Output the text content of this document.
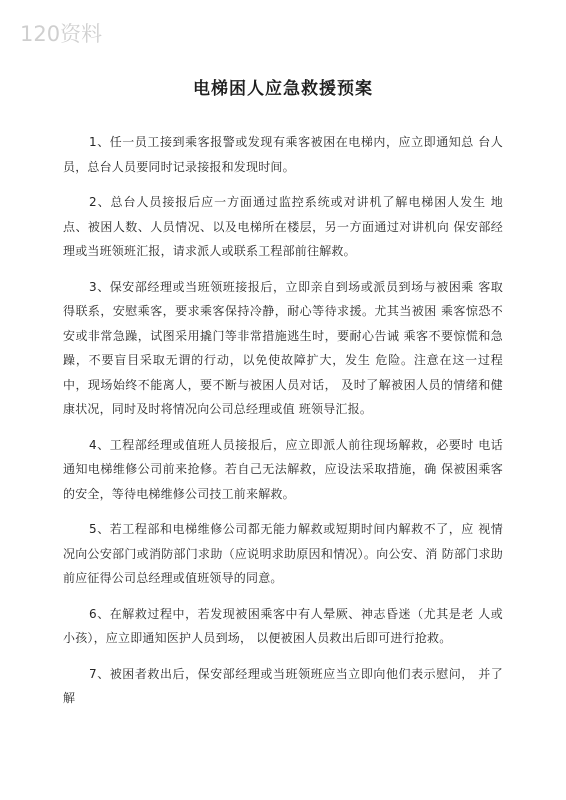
120资料
电梯困人应急救援预案

1、任一员工接到乘客报警或发现有乘客被困在电梯内，应立即通知总 台人员，总台人员要同时记录接报和发现时间。

2、总台人员接报后应一方面通过监控系统或对讲机了解电梯困人发生 地点、被困人数、人员情况、以及电梯所在楼层，另一方面通过对讲机向 保安部经理或当班领班汇报，请求派人或联系工程部前往解救。

3、保安部经理或当班领班接报后，立即亲自到场或派员到场与被困乘 客取得联系，安慰乘客，要求乘客保持冷静，耐心等待求援。尤其当被困 乘客惊恐不安或非常急躁，试图采用撬门等非常措施逃生时，要耐心告诫 乘客不要惊慌和急躁，不要盲目采取无谓的行动，以免使故障扩大，发生 危险。注意在这一过程中，现场始终不能离人，要不断与被困人员对话， 及时了解被困人员的情绪和健康状况，同时及时将情况向公司总经理或值 班领导汇报。

4、工程部经理或值班人员接报后，应立即派人前往现场解救，必要时 电话通知电梯维修公司前来抢修。若自己无法解救，应设法采取措施，确 保被困乘客的安全，等待电梯维修公司技工前来解救。

5、若工程部和电梯维修公司都无能力解救或短期时间内解救不了，应 视情况向公安部门或消防部门求助（应说明求助原因和情况）。向公安、消 防部门求助前应征得公司总经理或值班领导的同意。

6、在解救过程中，若发现被困乘客中有人晕厥、神志昏迷（尤其是老 人或小孩），应立即通知医护人员到场， 以便被困人员救出后即可进行抢救。

7、被困者救出后，保安部经理或当班领班应当立即向他们表示慰问， 并了解
